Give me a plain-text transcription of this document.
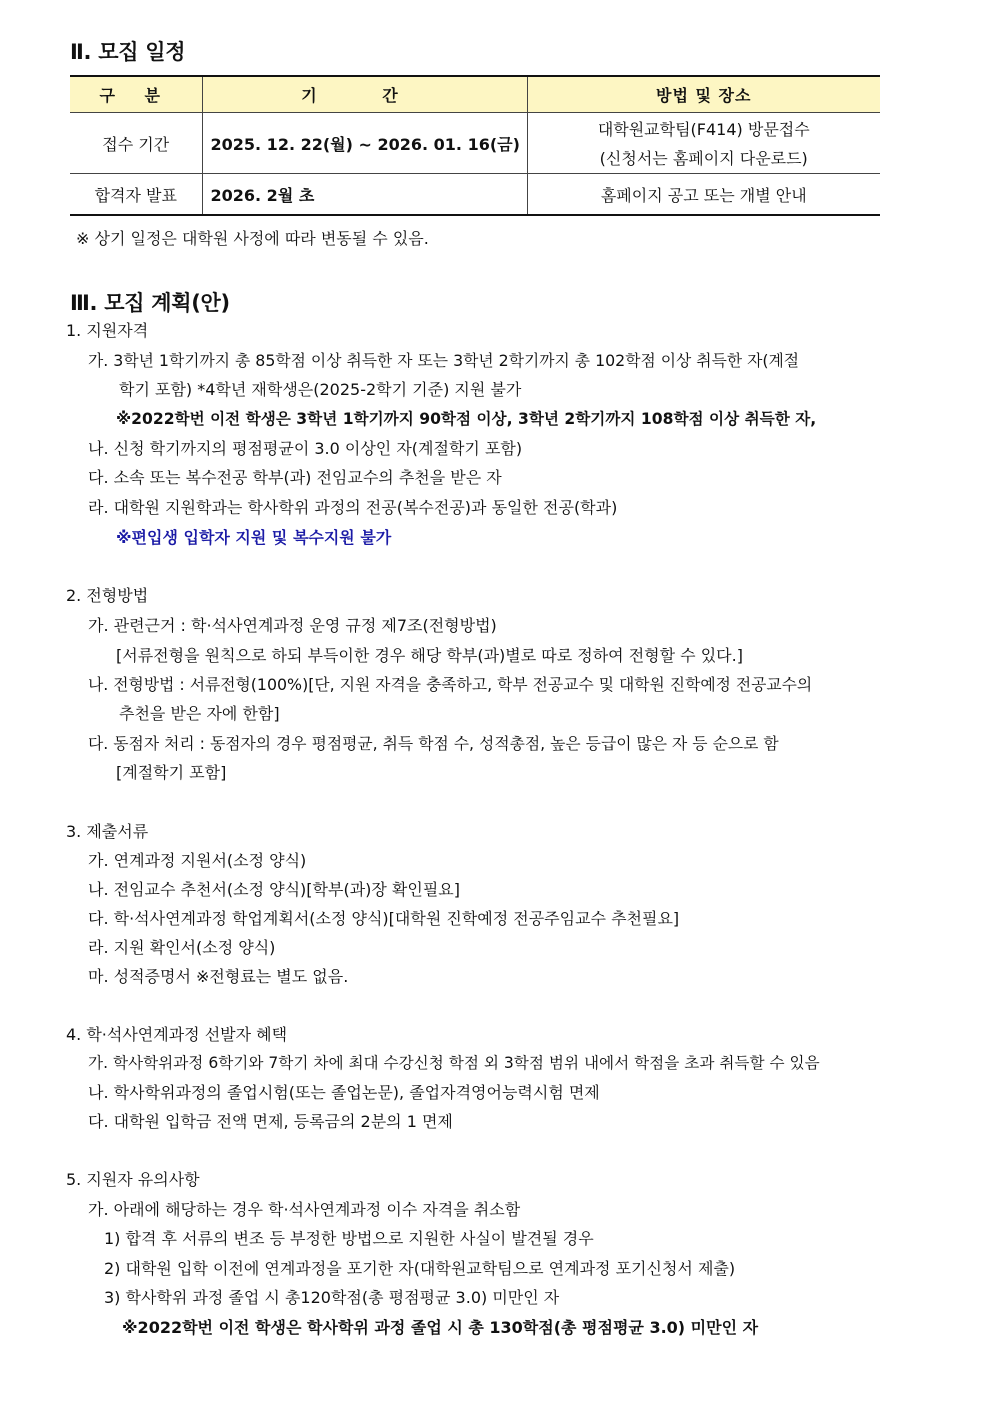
Ⅱ. 모집 일정
구 분	기 간	방법 및 장소
접수 기간	2025. 12. 22(월) ~ 2026. 01. 16(금)	대학원교학팀(F414) 방문접수
(신청서는 홈페이지 다운로드)

합격자 발표	2026. 2월 초	홈페이지 공고 또는 개별 안내
※ 상기 일정은 대학원 사정에 따라 변동될 수 있음.
Ⅲ. 모집 계획(안)
1. 지원자격
가. 3학년 1학기까지 총 85학점 이상 취득한 자 또는 3학년 2학기까지 총 102학점 이상 취득한 자(계절
학기 포함) *4학년 재학생은(2025-2학기 기준) 지원 불가
※2022학번 이전 학생은 3학년 1학기까지 90학점 이상, 3학년 2학기까지 108학점 이상 취득한 자,
나. 신청 학기까지의 평점평균이 3.0 이상인 자(계절학기 포함)
다. 소속 또는 복수전공 학부(과) 전임교수의 추천을 받은 자
라. 대학원 지원학과는 학사학위 과정의 전공(복수전공)과 동일한 전공(학과)
※편입생 입학자 지원 및 복수지원 불가
2. 전형방법
가. 관련근거 : 학·석사연계과정 운영 규정 제7조(전형방법)
[서류전형을 원칙으로 하되 부득이한 경우 해당 학부(과)별로 따로 정하여 전형할 수 있다.]
나. 전형방법 : 서류전형(100%)[단, 지원 자격을 충족하고, 학부 전공교수 및 대학원 진학예정 전공교수의
추천을 받은 자에 한함]
다. 동점자 처리 : 동점자의 경우 평점평균, 취득 학점 수, 성적총점, 높은 등급이 많은 자 등 순으로 함
[계절학기 포함]
3. 제출서류
가. 연계과정 지원서(소정 양식)
나. 전임교수 추천서(소정 양식)[학부(과)장 확인필요]
다. 학·석사연계과정 학업계획서(소정 양식)[대학원 진학예정 전공주임교수 추천필요]
라. 지원 확인서(소정 양식)
마. 성적증명서 ※전형료는 별도 없음.
4. 학·석사연계과정 선발자 혜택
가. 학사학위과정 6학기와 7학기 차에 최대 수강신청 학점 외 3학점 범위 내에서 학점을 초과 취득할 수 있음
나. 학사학위과정의 졸업시험(또는 졸업논문), 졸업자격영어능력시험 면제
다. 대학원 입학금 전액 면제, 등록금의 2분의 1 면제
5. 지원자 유의사항
가. 아래에 해당하는 경우 학·석사연계과정 이수 자격을 취소함
1) 합격 후 서류의 변조 등 부정한 방법으로 지원한 사실이 발견될 경우
2) 대학원 입학 이전에 연계과정을 포기한 자(대학원교학팀으로 연계과정 포기신청서 제출)
3) 학사학위 과정 졸업 시 총120학점(총 평점평균 3.0) 미만인 자
※2022학번 이전 학생은 학사학위 과정 졸업 시 총 130학점(총 평점평균 3.0) 미만인 자
